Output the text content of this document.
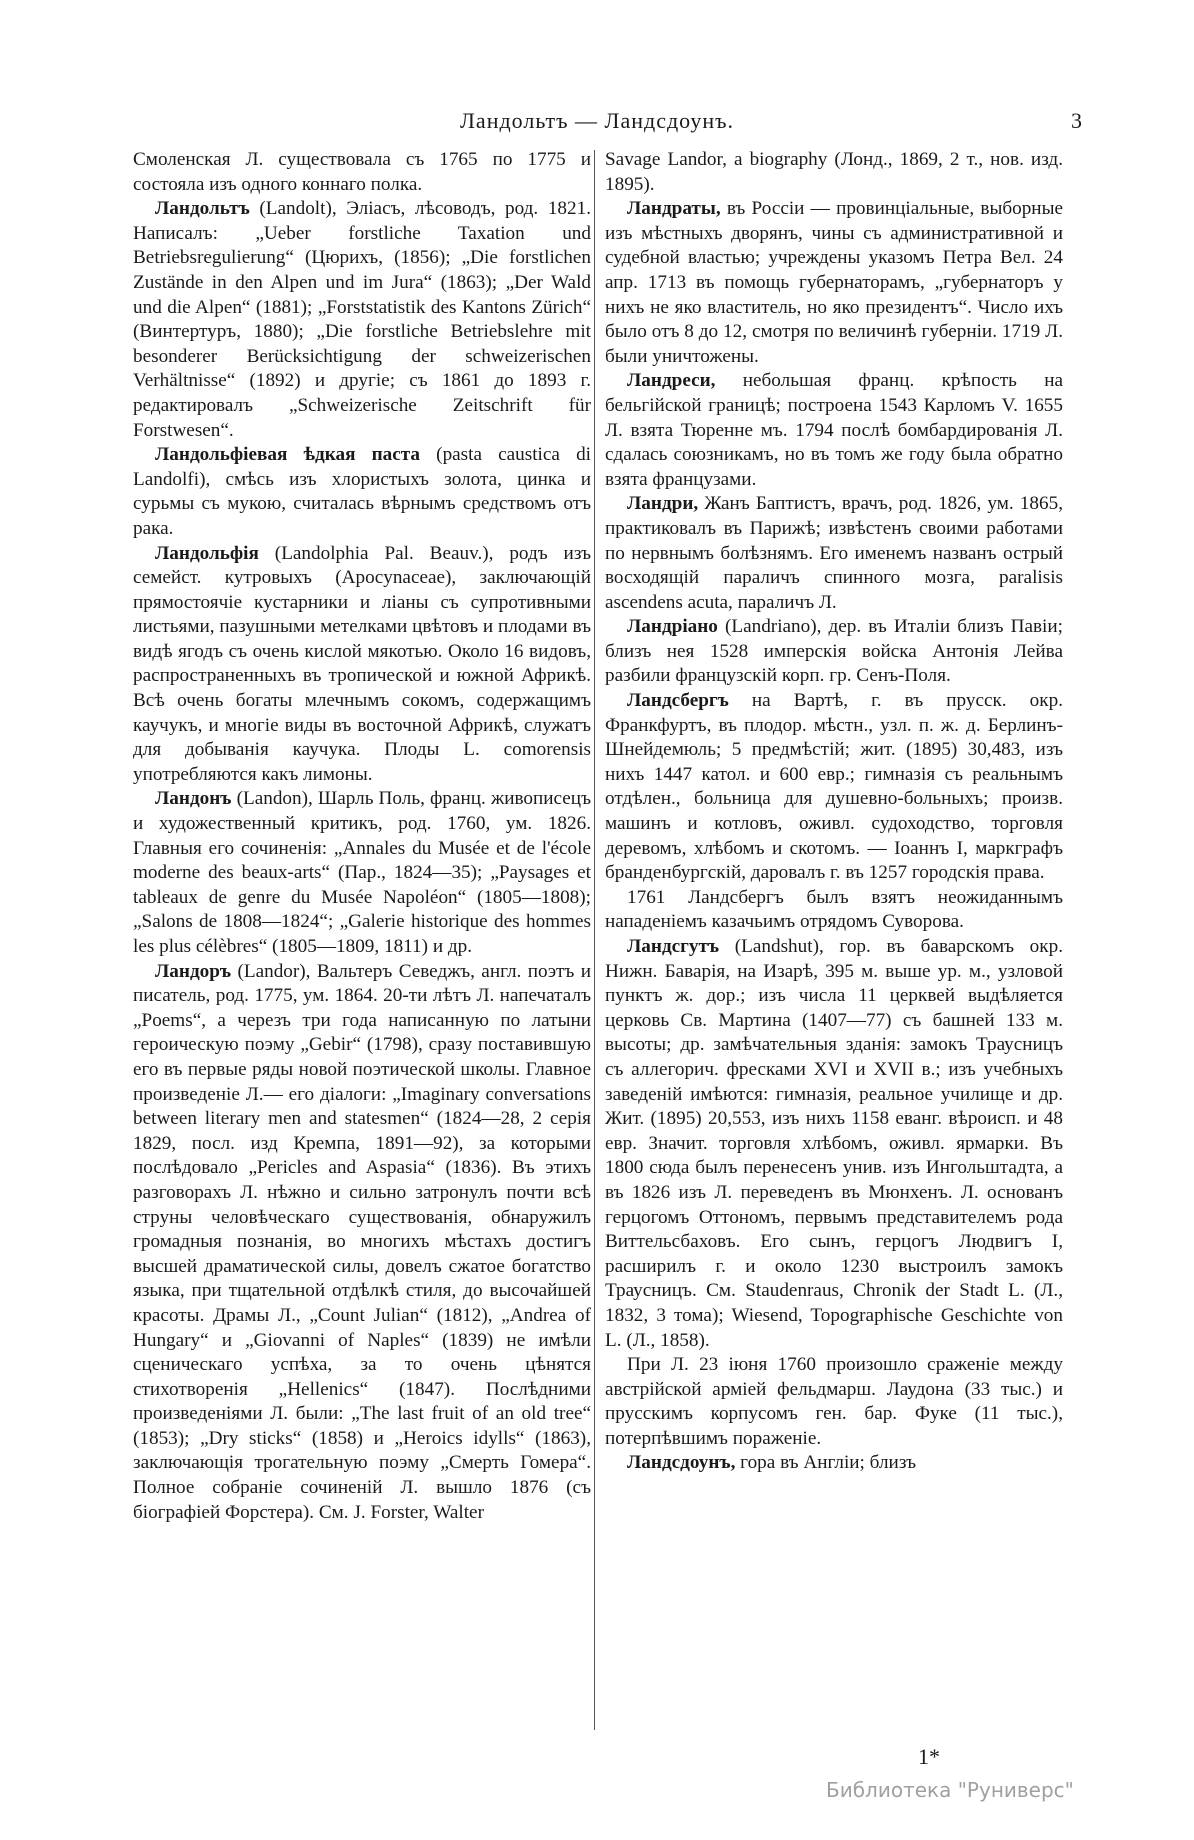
Ландольтъ — Ландсдоунъ.	3

Смоленская Л. существовала съ 1765 по 1775 и состояла изъ одного коннаго полка.

Ландольтъ (Landolt), Эліасъ, лѣсоводъ, род. 1821. Написалъ: „Ueber forstliche Taxation und Betriebsregulierung“ (Цюрихъ, (1856); „Die forstlichen Zustände in den Alpen und im Jura“ (1863); „Der Wald und die Alpen“ (1881); „Forststatistik des Kantons Zürich“ (Винтертуръ, 1880); „Die forstliche Betriebslehre mit besonderer Berücksichtigung der schweizerischen Verhältnisse“ (1892) и другіе; съ 1861 до 1893 г. редактировалъ „Schweizerische Zeitschrift für Forstwesen“.

Ландольфіевая ѣдкая паста (pasta caustica di Landolfi), смѣсь изъ хлористыхъ золота, цинка и сурьмы съ мукою, считалась вѣрнымъ средствомъ отъ рака.

Ландольфія (Landolphia Pal. Beauv.), родъ изъ семейст. кутровыхъ (Apocynaceae), заключающій прямостоячіе кустарники и ліаны съ супротивными листьями, пазушными метелками цвѣтовъ и плодами въ видѣ ягодъ съ очень кислой мякотью. Около 16 видовъ, распространенныхъ въ тропической и южной Африкѣ. Всѣ очень богаты млечнымъ сокомъ, содержащимъ каучукъ, и многіе виды въ восточной Африкѣ, служатъ для добыванія каучука. Плоды L. comorensis употребляются какъ лимоны.

Ландонъ (Landon), Шарль Поль, франц. живописецъ и художественный критикъ, род. 1760, ум. 1826. Главныя его сочиненія: „Annales du Musée et de l'école moderne des beaux-arts“ (Пар., 1824—35); „Paysages et tableaux de genre du Musée Napoléon“ (1805—1808); „Salons de 1808—1824“; „Galerie historique des hommes les plus célèbres“ (1805—1809, 1811) и др.

Ландоръ (Landor), Вальтеръ Севеджъ, англ. поэтъ и писатель, род. 1775, ум. 1864. 20-ти лѣтъ Л. напечаталъ „Poems“, а черезъ три года написанную по латыни героическую поэму „Gebir“ (1798), сразу поставившую его въ первые ряды новой поэтической школы. Главное произведеніе Л.— его діалоги: „Imaginary conversations between literary men and statesmen“ (1824—28, 2 серія 1829, посл. изд Кремпа, 1891—92), за которыми послѣдовало „Pericles and Aspasia“ (1836). Въ этихъ разговорахъ Л. нѣжно и сильно затронулъ почти всѣ струны человѣческаго существованія, обнаружилъ громадныя познанія, во многихъ мѣстахъ достигъ высшей драматической силы, довелъ сжатое богатство языка, при тщательной отдѣлкѣ стиля, до высочайшей красоты. Драмы Л., „Count Julian“ (1812), „Andrea of Hungary“ и „Giovanni of Naples“ (1839) не имѣли сценическаго успѣха, за то очень цѣнятся стихотворенія „Hellenics“ (1847). Послѣдними произведеніями Л. были: „The last fruit of an old tree“ (1853); „Dry sticks“ (1858) и „Heroics idylls“ (1863), заключающія трогательную поэму „Смерть Гомера“. Полное собраніе сочиненій Л. вышло 1876 (съ біографіей Форстера). См. J. Forster, Walter

Savage Landor, a biography (Лонд., 1869, 2 т., нов. изд. 1895).

Ландраты, въ Россіи — провинціальные, выборные изъ мѣстныхъ дворянъ, чины съ административной и судебной властью; учреждены указомъ Петра Вел. 24 апр. 1713 въ помощь губернаторамъ, „губернаторъ у нихъ не яко властитель, но яко президентъ“. Число ихъ было отъ 8 до 12, смотря по величинѣ губерніи. 1719 Л. были уничтожены.

Ландреси, небольшая франц. крѣпость на бельгійской границѣ; построена 1543 Карломъ V. 1655 Л. взята Тюренне мъ. 1794 послѣ бомбардированія Л. сдалась союзникамъ, но въ томъ же году была обратно взята французами.

Ландри, Жанъ Баптистъ, врачъ, род. 1826, ум. 1865, практиковалъ въ Парижѣ; извѣстенъ своими работами по нервнымъ болѣзнямъ. Его именемъ названъ острый восходящій параличъ спинного мозга, paralisis ascendens acuta, параличъ Л.

Ландріано (Landriano), дер. въ Италіи близъ Павіи; близъ нея 1528 имперскія войска Антонія Лейва разбили французскій корп. гр. Сенъ-Поля.

Ландсбергъ на Вартѣ, г. въ прусск. окр. Франкфуртъ, въ плодор. мѣстн., узл. п. ж. д. Берлинъ-Шнейдемюль; 5 предмѣстій; жит. (1895) 30,483, изъ нихъ 1447 катол. и 600 евр.; гимназія съ реальнымъ отдѣлен., больница для душевно-больныхъ; произв. машинъ и котловъ, оживл. судоходство, торговля деревомъ, хлѣбомъ и скотомъ. — Іоаннъ I, маркграфъ бранденбургскій, даровалъ г. въ 1257 городскія права.

1761 Ландсбергъ былъ взятъ неожиданнымъ нападеніемъ казачьимъ отрядомъ Суворова.

Ландсгутъ (Landshut), гор. въ баварскомъ окр. Нижн. Баварія, на Изарѣ, 395 м. выше ур. м., узловой пунктъ ж. дор.; изъ числа 11 церквей выдѣляется церковь Св. Мартина (1407—77) съ башней 133 м. высоты; др. замѣчательныя зданія: замокъ Траусницъ съ аллегорич. фресками XVI и XVII в.; изъ учебныхъ заведеній имѣются: гимназія, реальное училище и др. Жит. (1895) 20,553, изъ нихъ 1158 еванг. вѣроисп. и 48 евр. Значит. торговля хлѣбомъ, оживл. ярмарки. Въ 1800 сюда былъ перенесенъ унив. изъ Ингольштадта, а въ 1826 изъ Л. переведенъ въ Мюнхенъ. Л. основанъ герцогомъ Оттономъ, первымъ представителемъ рода Виттельсбаховъ. Его сынъ, герцогъ Людвигъ I, расширилъ г. и около 1230 выстроилъ замокъ Траусницъ. См. Staudenraus, Chronik der Stadt L. (Л., 1832, 3 тома); Wiesend, Topographische Geschichte von L. (Л., 1858).

При Л. 23 іюня 1760 произошло сраженіе между австрійской арміей фельдмарш. Лаудона (33 тыс.) и прусскимъ корпусомъ ген. бар. Фуке (11 тыс.), потерпѣвшимъ пораженіе.

Ландсдоунъ, гора въ Англіи; близъ

1*
Библиотека "Руниверс"
